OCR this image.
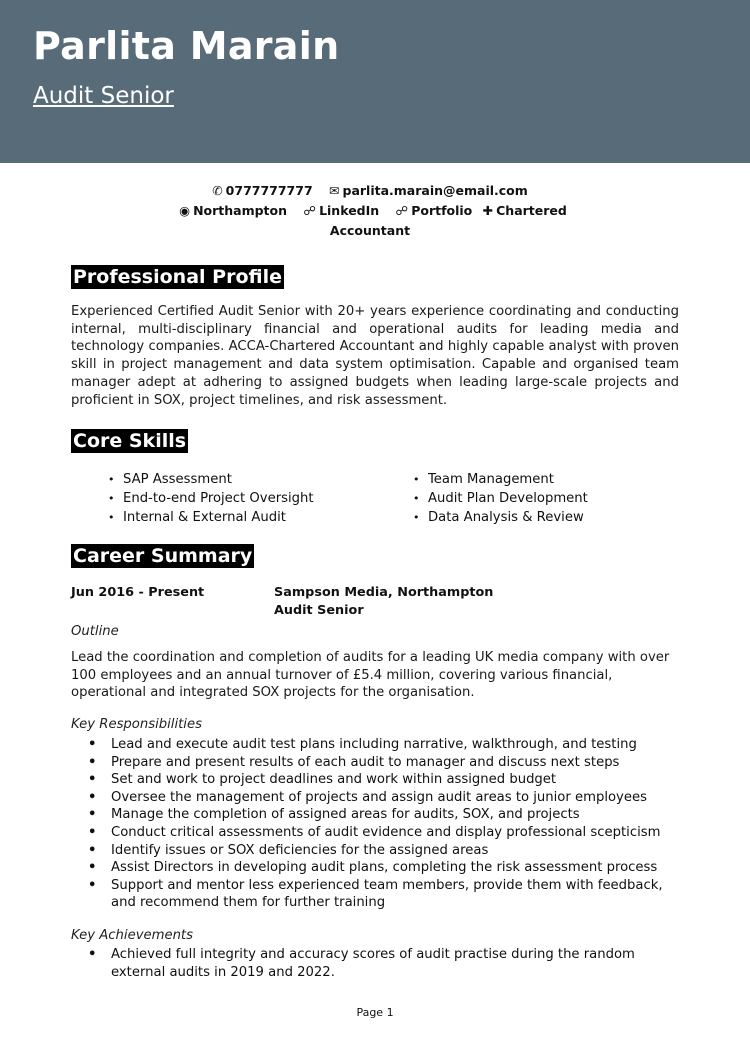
Parlita Marain
Audit Senior
✆ 0777777777 ✉ parlita.marain@email.com
◉ Northampton ☍ LinkedIn ☍ Portfolio ✚ Chartered Accountant
Professional Profile
Experienced Certified Audit Senior with 20+ years experience coordinating and conducting internal, multi-disciplinary financial and operational audits for leading media and technology companies. ACCA-Chartered Accountant and highly capable analyst with proven skill in project management and data system optimisation. Capable and organised team manager adept at adhering to assigned budgets when leading large-scale projects and proficient in SOX, project timelines, and risk assessment.
Core Skills
• SAP Assessment
• End-to-end Project Oversight
• Internal & External Audit
• Team Management
• Audit Plan Development
• Data Analysis & Review
Career Summary
Jun 2016 - Present	Sampson Media, Northampton
Audit Senior
Outline
Lead the coordination and completion of audits for a leading UK media company with over 100 employees and an annual turnover of £5.4 million, covering various financial, operational and integrated SOX projects for the organisation.
Key Responsibilities
• Lead and execute audit test plans including narrative, walkthrough, and testing
• Prepare and present results of each audit to manager and discuss next steps
• Set and work to project deadlines and work within assigned budget
• Oversee the management of projects and assign audit areas to junior employees
• Manage the completion of assigned areas for audits, SOX, and projects
• Conduct critical assessments of audit evidence and display professional scepticism
• Identify issues or SOX deficiencies for the assigned areas
• Assist Directors in developing audit plans, completing the risk assessment process
• Support and mentor less experienced team members, provide them with feedback, and recommend them for further training
Key Achievements
• Achieved full integrity and accuracy scores of audit practise during the random external audits in 2019 and 2022.
Page 1
